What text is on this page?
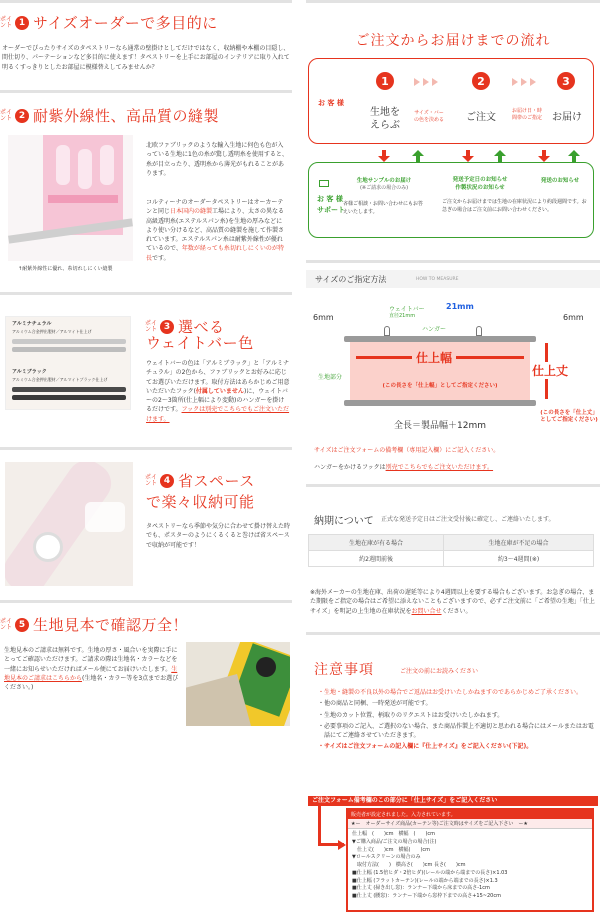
ポイント 1 サイズオーダーで多目的に
オーダーでぴったりサイズのタペストリーなら通常の壁掛けとしてだけではなく、収納棚や本棚の目隠し、間仕切り、パーテーションなど多目的に使えます！タペストリーを上手にお部屋のインテリアに取り入れて明るくすっきりとしたお部屋に模様替えしてみませんか？
ポイント 2 耐紫外線性、高品質の縫製
↑耐紫外線性に優れ、糸切れしにくい縫製
北欧ファブリックのような輸入生地に何色も色が入っている生地に1色の糸が驚し透明糸を使用すると、糸が目立ったり、透明糸から薄光がもれることがあります。
コルティーナのオーダータペストリーはオーカーテンと同じ日本国内の縫製工場により、太さの異なる高級透明糸(エステルスパン糸)を生地の厚みなどにより使い分けるなど、高品質の縫製を施して作製されています。エステルスパン糸は耐紫外線性が優れているので、年数が経っても糸切れしにくいのが特長です。
アルミナチュラル
アルミウム合金押出製材／アルマイト仕上げ
アルミブラック
アルミウム合金押出製材／アルマイトブラック仕上げ
ポイント 3 選べる
ウェイトバー色
ウェイトバーの色は「アルミブラック」と「アルミナチュラル」の2色から、ファブリックとお好みに応じてお選びいただけます。取付方法はあらかじめご用意いただいたフック(付属していません)に、ウェイトバーの2〜3箇所(仕上幅により変動)のハンガーを掛けるだけです。フックは別売でこちらでもご注文いただけます。
ポイント 4 省スペース
で楽々収納可能
タペストリーなら季節や気分に合わせて掛け替えた時でも、ポスターのようにくるくると巻けば省スペースで収納が可能です！
ポイント 5 生地見本で確認万全！
生地見本のご請求は無料です。生地の厚さ・風合いを実際に手にとってご確認いただけます。ご請求の際は生地名・カラーなどを一緒にお知らせいただければメール便にてお届けいたします。生地見本のご請求はこちらから(生地名・カラー等を3点までお選びください。)
ご注文からお届けまでの流れ
お 客 様
1
生地を
えらぶ
サイズ・バーの色を決める
2
ご注文
お届け日・時間帯のご指定
3
お届け
お 客 様
サポート
生地サンプルのお届け
(※ご請求の場合のみ)
吝様ご相談・お問い合わせにもお答えいたします。
発送予定日のお知らせ
作製状況のお知らせ
ご注文からお届けまでは生地の在庫状況により約段週間です。お急ぎの場合はご注文前にお問い合わせください。
発送のお知らせ
サイズのご指定方法	HOW TO MEASURE
6mm	6mm
21mm
ウェイトバー
直径21mm
ハンガー
生地部分
仕上幅
(この長さを「仕上幅」としてご指定ください)
仕上丈
(この長さを「仕上丈」としてご指定ください)
全長＝製品幅＋12mm
サイズはご注文フォームの備考欄（専用記入欄）にご記入ください。
ハンガーをかけるフックは別売でこちらでもご注文いただけます。
納期について 正式な発送予定日はご注文受付後に確定し、ご連絡いたします。
生地在庫が有る場合	生地在庫が不足の場合
約2週間前後	約3〜4週間(※)
※海外メーカーの生地在庫、出荷の遅延等により4週間以上を要する場合もございます。お急ぎの場合、また期限をご指定の場合はご希望に添えないこともございますので、必ずご注文前に「ご希望の生地」「仕上サイズ」を明記の上生地の在庫状況をお問い合せください。
注意事項	ご注文の前にお読みください
・ 生地・縫製の不良以外の場合でご返品はお受けいたしかねますのであらかじめご了承ください。
・ 他の商品と同梱、一時発送が可能です。
・ 生地のカット位置、柄取りのリクエストはお受けいたしかねます。
・ 必要事項のご記入、ご選択のない場合、また商品作製上不適切と思われる場合にはメールまたはお電話にてご連絡させていただきます。
・ サイズはご注文フォームの記入欄に『仕上サイズ』をご記入ください(下記)。
ご注文フォーム備考欄のこの部分に「仕上サイズ」をご記入ください
販売者が設定されました。入力されています。
★ー　オーダーサイズ商品(カーテン等)ご注文時はサイズをご記入下さい　ー★
仕上幅　(　　)cm　横幅　(　　)cm
▼ご購入商品/ご注文の場合の場合(注)
　仕上丈(　　)cm　横幅(　　)cm
▼ロールスクリーンの場合のみ
　取付方法(　　)　横高さ(　　)cm 長さ(　　)cm
■仕上幅 (1.5倍ヒダ・2倍ヒダ)(レールの端から端までの長さ)×1.03
■仕上幅 (フラットカーテン)(レールの端から端までの長さ)×1.3
■仕上丈 (掃き出し窓)：ランナー下端から床までの高さ-1cm
■仕上丈 (腰窓)：ランナー下端から窓枠下までの高さ+15~20cm
